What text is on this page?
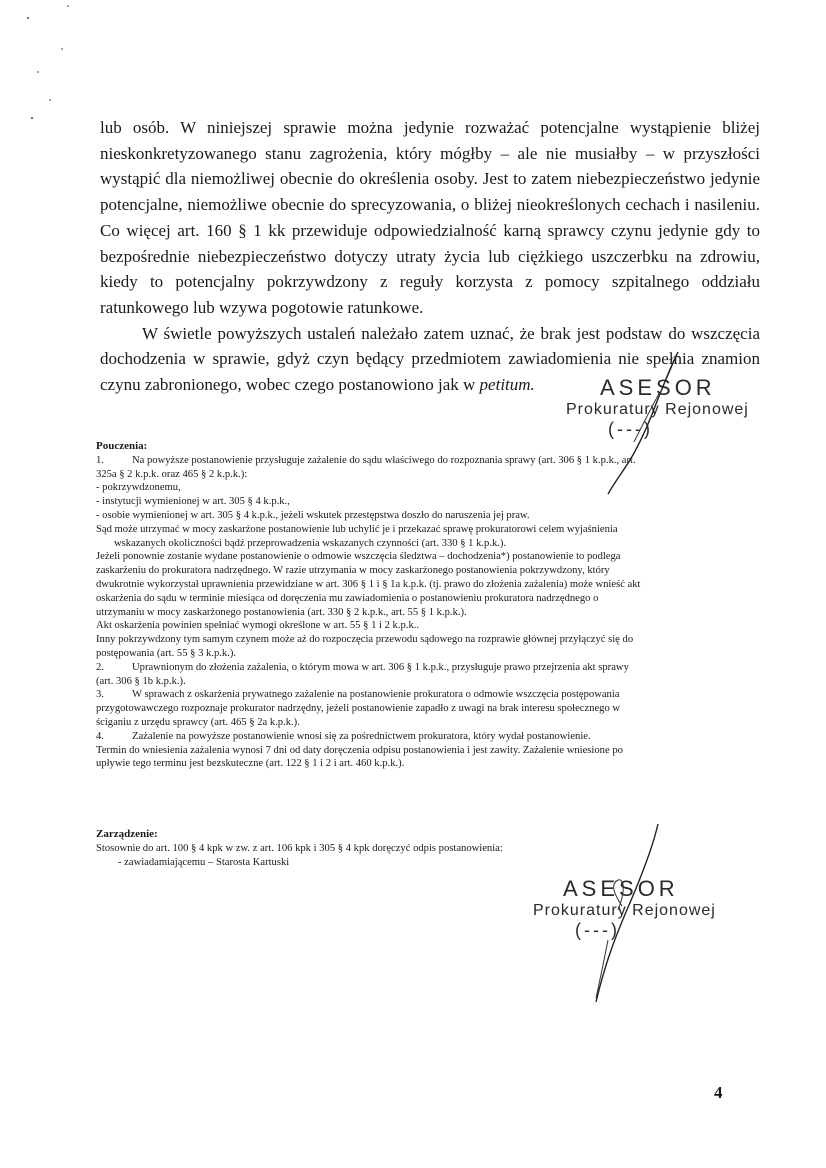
lub osób. W niniejszej sprawie można jedynie rozważać potencjalne wystąpienie bliżej nieskonkretyzowanego stanu zagrożenia, który mógłby – ale nie musiałby – w przyszłości wystąpić dla niemożliwej obecnie do określenia osoby. Jest to zatem niebezpieczeństwo jedynie potencjalne, niemożliwe obecnie do sprecyzowania, o bliżej nieokreślonych cechach i nasileniu. Co więcej art. 160 § 1 kk przewiduje odpowiedzialność karną sprawcy czynu jedynie gdy to bezpośrednie niebezpieczeństwo dotyczy utraty życia lub ciężkiego uszczerbku na zdrowiu, kiedy to potencjalny pokrzywdzony z reguły korzysta z pomocy szpitalnego oddziału ratunkowego lub wzywa pogotowie ratunkowe.

W świetle powyższych ustaleń należało zatem uznać, że brak jest podstaw do wszczęcia dochodzenia w sprawie, gdyż czyn będący przedmiotem zawiadomienia nie spełnia znamion czynu zabronionego, wobec czego postanowiono jak w petitum.	ASESOR
Prokuratury Rejonowej
(---)
Pouczenia:
1.	Na powyższe postanowienie przysługuje zażalenie do sądu właściwego do rozpoznania sprawy (art. 306 § 1 k.p.k., art.
325a § 2 k.p.k. oraz 465 § 2 k.p.k.):
- pokrzywdzonemu,
- instytucji wymienionej w art. 305 § 4 k.p.k.,
- osobie wymienionej w art. 305 § 4 k.p.k., jeżeli wskutek przestępstwa doszło do naruszenia jej praw.
Sąd może utrzymać w mocy zaskarżone postanowienie lub uchylić je i przekazać sprawę prokuratorowi celem wyjaśnienia
wskazanych okoliczności bądź przeprowadzenia wskazanych czynności (art. 330 § 1 k.p.k.).
Jeżeli ponownie zostanie wydane postanowienie o odmowie wszczęcia śledztwa – dochodzenia*) postanowienie to podlega
zaskarżeniu do prokuratora nadrzędnego. W razie utrzymania w mocy zaskarżonego postanowienia pokrzywdzony, który
dwukrotnie wykorzystał uprawnienia przewidziane w art. 306 § 1 i § 1a k.p.k. (tj. prawo do złożenia zażalenia) może wnieść akt
oskarżenia do sądu w terminie miesiąca od doręczenia mu zawiadomienia o postanowieniu prokuratora nadrzędnego o
utrzymaniu w mocy zaskarżonego postanowienia (art. 330 § 2 k.p.k., art. 55 § 1 k.p.k.).
Akt oskarżenia powinien spełniać wymogi określone w art. 55 § 1 i 2 k.p.k..
Inny pokrzywdzony tym samym czynem może aż do rozpoczęcia przewodu sądowego na rozprawie głównej przyłączyć się do
postępowania (art. 55 § 3 k.p.k.).
2.	Uprawnionym do złożenia zażalenia, o którym mowa w art. 306 § 1 k.p.k., przysługuje prawo przejrzenia akt sprawy
(art. 306 § 1b k.p.k.).
3.	W sprawach z oskarżenia prywatnego zażalenie na postanowienie prokuratora o odmowie wszczęcia postępowania
przygotowawczego rozpoznaje prokurator nadrzędny, jeżeli postanowienie zapadło z uwagi na brak interesu społecznego w
ściganiu z urzędu sprawcy (art. 465 § 2a k.p.k.).
4.	Zażalenie na powyższe postanowienie wnosi się za pośrednictwem prokuratora, który wydał postanowienie.
Termin do wniesienia zażalenia wynosi 7 dni od daty doręczenia odpisu postanowienia i jest zawity. Zażalenie wniesione po
upływie tego terminu jest bezskuteczne (art. 122 § 1 i 2 i art. 460 k.p.k.).
Zarządzenie:
Stosownie do art. 100 § 4 kpk w zw. z art. 106 kpk i 305 § 4 kpk doręczyć odpis postanowienia:
- zawiadamiającemu – Starosta Kartuski
ASESOR
Prokuratury Rejonowej
(---)
4
